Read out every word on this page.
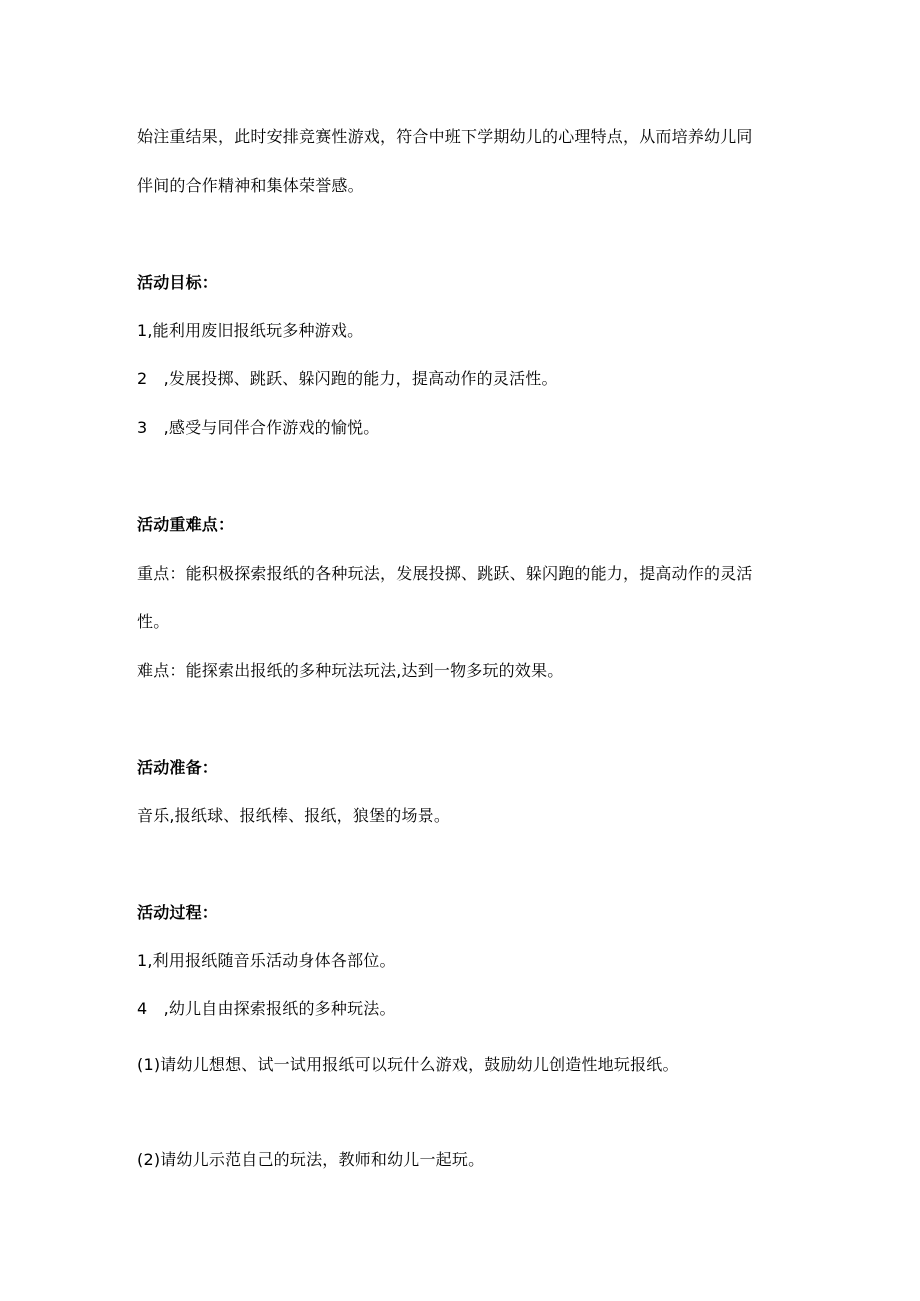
始注重结果，此时安排竞赛性游戏，符合中班下学期幼儿的心理特点，从而培养幼儿同
伴间的合作精神和集体荣誉感。
活动目标：
1,能利用废旧报纸玩多种游戏。
2　,发展投掷、跳跃、躲闪跑的能力，提高动作的灵活性。
3　,感受与同伴合作游戏的愉悦。
活动重难点：
重点：能积极探索报纸的各种玩法，发展投掷、跳跃、躲闪跑的能力，提高动作的灵活
性。
难点：能探索出报纸的多种玩法玩法,达到一物多玩的效果。
活动准备：
音乐,报纸球、报纸棒、报纸，狼堡的场景。
活动过程：
1,利用报纸随音乐活动身体各部位。
4　,幼儿自由探索报纸的多种玩法。
(1)请幼儿想想、试一试用报纸可以玩什么游戏，鼓励幼儿创造性地玩报纸。
(2)请幼儿示范自己的玩法，教师和幼儿一起玩。
